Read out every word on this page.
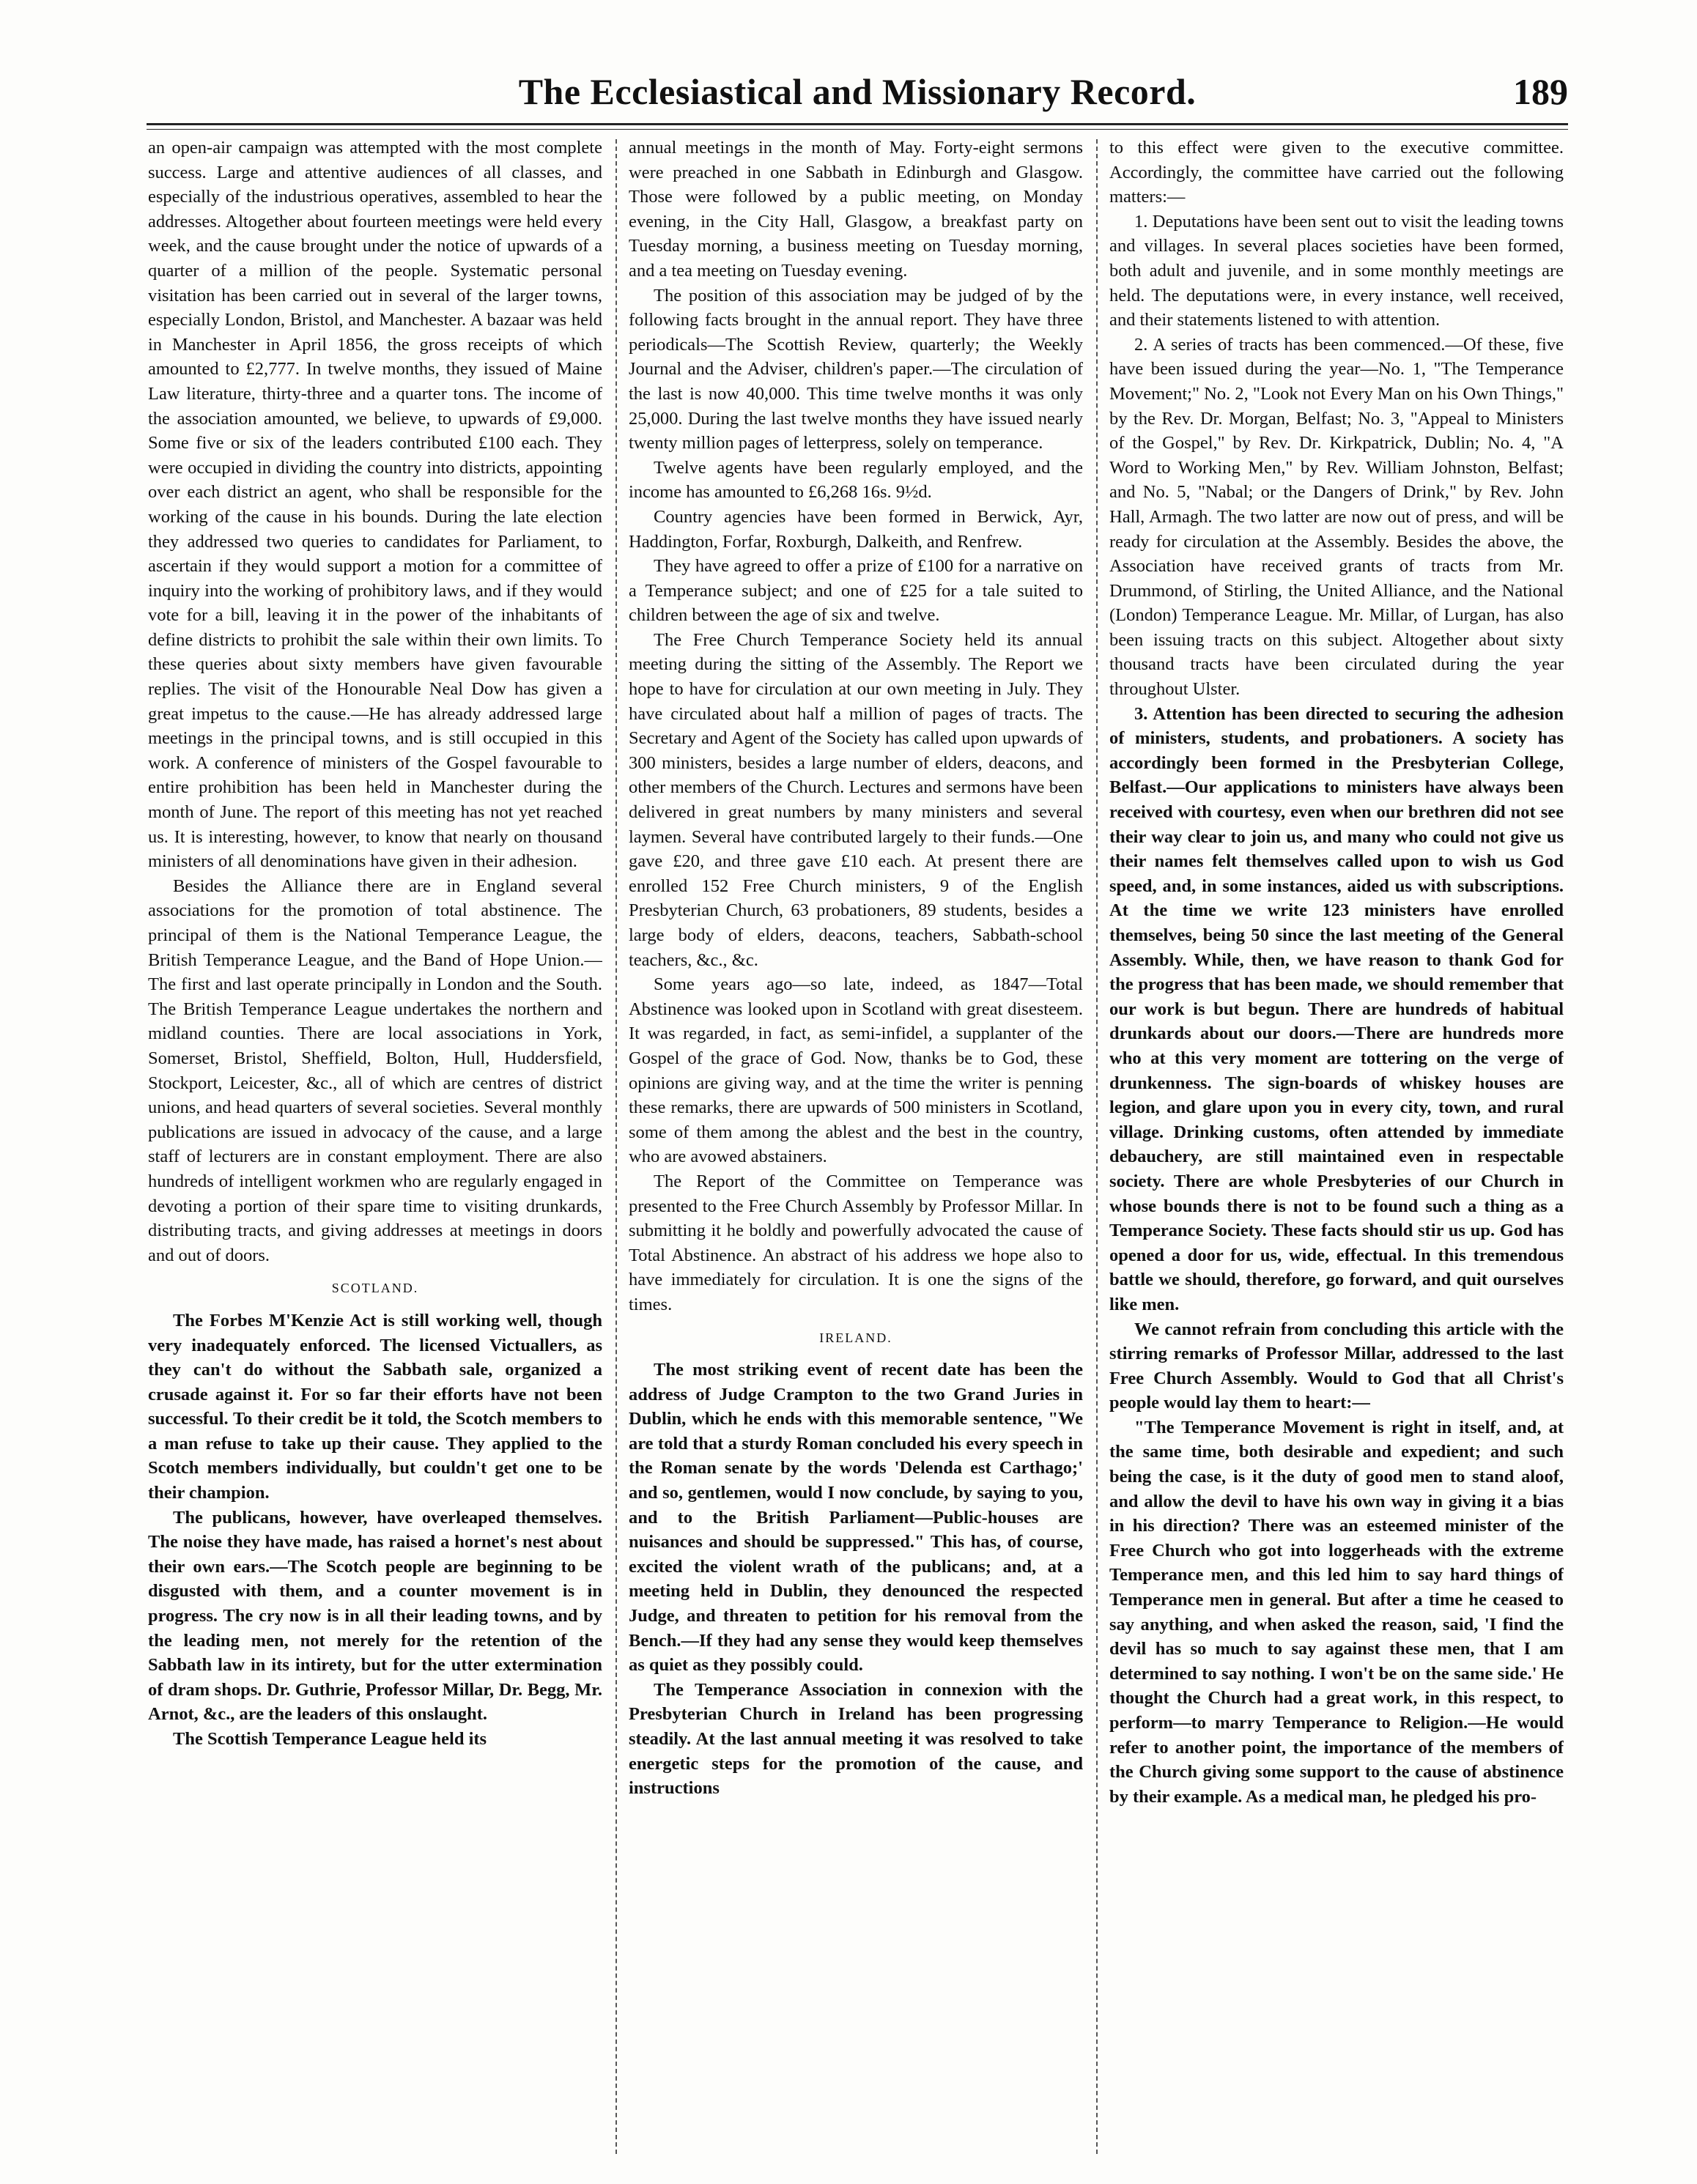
The Ecclesiastical and Missionary Record.	189

an open-air campaign was attempted with the most complete success. Large and attentive audiences of all classes, and especially of the industrious operatives, assembled to hear the addresses. Altogether about fourteen meetings were held every week, and the cause brought under the notice of upwards of a quarter of a million of the people. Systematic personal visitation has been carried out in several of the larger towns, especially London, Bristol, and Manchester. A bazaar was held in Manchester in April 1856, the gross receipts of which amounted to £2,777. In twelve months, they issued of Maine Law literature, thirty-three and a quarter tons. The income of the association amounted, we believe, to upwards of £9,000. Some five or six of the leaders contributed £100 each. They were occupied in dividing the country into districts, appointing over each district an agent, who shall be responsible for the working of the cause in his bounds. During the late election they addressed two queries to candidates for Parliament, to ascertain if they would support a motion for a committee of inquiry into the working of prohibitory laws, and if they would vote for a bill, leaving it in the power of the inhabitants of define districts to prohibit the sale within their own limits. To these queries about sixty members have given favourable replies. The visit of the Honourable Neal Dow has given a great impetus to the cause.—He has already addressed large meetings in the principal towns, and is still occupied in this work. A conference of ministers of the Gospel favourable to entire prohibition has been held in Manchester during the month of June. The report of this meeting has not yet reached us. It is interesting, however, to know that nearly on thousand ministers of all denominations have given in their adhesion.

Besides the Alliance there are in England several associations for the promotion of total abstinence. The principal of them is the National Temperance League, the British Temperance League, and the Band of Hope Union.—The first and last operate principally in London and the South. The British Temperance League undertakes the northern and midland counties. There are local associations in York, Somerset, Bristol, Sheffield, Bolton, Hull, Huddersfield, Stockport, Leicester, &c., all of which are centres of district unions, and head quarters of several societies. Several monthly publications are issued in advocacy of the cause, and a large staff of lecturers are in constant employment. There are also hundreds of intelligent workmen who are regularly engaged in devoting a portion of their spare time to visiting drunkards, distributing tracts, and giving addresses at meetings in doors and out of doors.

SCOTLAND.

The Forbes M'Kenzie Act is still working well, though very inadequately enforced. The licensed Victuallers, as they can't do without the Sabbath sale, organized a crusade against it. For so far their efforts have not been successful. To their credit be it told, the Scotch members to a man refuse to take up their cause. They applied to the Scotch members individually, but couldn't get one to be their champion.

The publicans, however, have overleaped themselves. The noise they have made, has raised a hornet's nest about their own ears.—The Scotch people are beginning to be disgusted with them, and a counter movement is in progress. The cry now is in all their leading towns, and by the leading men, not merely for the retention of the Sabbath law in its intirety, but for the utter extermination of dram shops. Dr. Guthrie, Professor Millar, Dr. Begg, Mr. Arnot, &c., are the leaders of this onslaught.

The Scottish Temperance League held its

annual meetings in the month of May. Forty-eight sermons were preached in one Sabbath in Edinburgh and Glasgow. Those were followed by a public meeting, on Monday evening, in the City Hall, Glasgow, a breakfast party on Tuesday morning, a business meeting on Tuesday morning, and a tea meeting on Tuesday evening.

The position of this association may be judged of by the following facts brought in the annual report. They have three periodicals—The Scottish Review, quarterly; the Weekly Journal and the Adviser, children's paper.—The circulation of the last is now 40,000. This time twelve months it was only 25,000. During the last twelve months they have issued nearly twenty million pages of letterpress, solely on temperance.

Twelve agents have been regularly employed, and the income has amounted to £6,268 16s. 9½d.

Country agencies have been formed in Berwick, Ayr, Haddington, Forfar, Roxburgh, Dalkeith, and Renfrew.

They have agreed to offer a prize of £100 for a narrative on a Temperance subject; and one of £25 for a tale suited to children between the age of six and twelve.

The Free Church Temperance Society held its annual meeting during the sitting of the Assembly. The Report we hope to have for circulation at our own meeting in July. They have circulated about half a million of pages of tracts. The Secretary and Agent of the Society has called upon upwards of 300 ministers, besides a large number of elders, deacons, and other members of the Church. Lectures and sermons have been delivered in great numbers by many ministers and several laymen. Several have contributed largely to their funds.—One gave £20, and three gave £10 each. At present there are enrolled 152 Free Church ministers, 9 of the English Presbyterian Church, 63 probationers, 89 students, besides a large body of elders, deacons, teachers, Sabbath-school teachers, &c., &c.

Some years ago—so late, indeed, as 1847—Total Abstinence was looked upon in Scotland with great disesteem. It was regarded, in fact, as semi-infidel, a supplanter of the Gospel of the grace of God. Now, thanks be to God, these opinions are giving way, and at the time the writer is penning these remarks, there are upwards of 500 ministers in Scotland, some of them among the ablest and the best in the country, who are avowed abstainers.

The Report of the Committee on Temperance was presented to the Free Church Assembly by Professor Millar. In submitting it he boldly and powerfully advocated the cause of Total Abstinence. An abstract of his address we hope also to have immediately for circulation. It is one the signs of the times.

IRELAND.

The most striking event of recent date has been the address of Judge Crampton to the two Grand Juries in Dublin, which he ends with this memorable sentence, "We are told that a sturdy Roman concluded his every speech in the Roman senate by the words 'Delenda est Carthago;' and so, gentlemen, would I now conclude, by saying to you, and to the British Parliament—Public-houses are nuisances and should be suppressed." This has, of course, excited the violent wrath of the publicans; and, at a meeting held in Dublin, they denounced the respected Judge, and threaten to petition for his removal from the Bench.—If they had any sense they would keep themselves as quiet as they possibly could.

The Temperance Association in connexion with the Presbyterian Church in Ireland has been progressing steadily. At the last annual meeting it was resolved to take energetic steps for the promotion of the cause, and instructions

to this effect were given to the executive committee. Accordingly, the committee have carried out the following matters:—

1. Deputations have been sent out to visit the leading towns and villages. In several places societies have been formed, both adult and juvenile, and in some monthly meetings are held. The deputations were, in every instance, well received, and their statements listened to with attention.

2. A series of tracts has been commenced.—Of these, five have been issued during the year—No. 1, "The Temperance Movement;" No. 2, "Look not Every Man on his Own Things," by the Rev. Dr. Morgan, Belfast; No. 3, "Appeal to Ministers of the Gospel," by Rev. Dr. Kirkpatrick, Dublin; No. 4, "A Word to Working Men," by Rev. William Johnston, Belfast; and No. 5, "Nabal; or the Dangers of Drink," by Rev. John Hall, Armagh. The two latter are now out of press, and will be ready for circulation at the Assembly. Besides the above, the Association have received grants of tracts from Mr. Drummond, of Stirling, the United Alliance, and the National (London) Temperance League. Mr. Millar, of Lurgan, has also been issuing tracts on this subject. Altogether about sixty thousand tracts have been circulated during the year throughout Ulster.

3. Attention has been directed to securing the adhesion of ministers, students, and probationers. A society has accordingly been formed in the Presbyterian College, Belfast.—Our applications to ministers have always been received with courtesy, even when our brethren did not see their way clear to join us, and many who could not give us their names felt themselves called upon to wish us God speed, and, in some instances, aided us with subscriptions. At the time we write 123 ministers have enrolled themselves, being 50 since the last meeting of the General Assembly. While, then, we have reason to thank God for the progress that has been made, we should remember that our work is but begun. There are hundreds of habitual drunkards about our doors.—There are hundreds more who at this very moment are tottering on the verge of drunkenness. The sign-boards of whiskey houses are legion, and glare upon you in every city, town, and rural village. Drinking customs, often attended by immediate debauchery, are still maintained even in respectable society. There are whole Presbyteries of our Church in whose bounds there is not to be found such a thing as a Temperance Society. These facts should stir us up. God has opened a door for us, wide, effectual. In this tremendous battle we should, therefore, go forward, and quit ourselves like men.

We cannot refrain from concluding this article with the stirring remarks of Professor Millar, addressed to the last Free Church Assembly. Would to God that all Christ's people would lay them to heart:—

"The Temperance Movement is right in itself, and, at the same time, both desirable and expedient; and such being the case, is it the duty of good men to stand aloof, and allow the devil to have his own way in giving it a bias in his direction? There was an esteemed minister of the Free Church who got into loggerheads with the extreme Temperance men, and this led him to say hard things of Temperance men in general. But after a time he ceased to say anything, and when asked the reason, said, 'I find the devil has so much to say against these men, that I am determined to say nothing. I won't be on the same side.' He thought the Church had a great work, in this respect, to perform—to marry Temperance to Religion.—He would refer to another point, the importance of the members of the Church giving some support to the cause of abstinence by their example. As a medical man, he pledged his pro-
